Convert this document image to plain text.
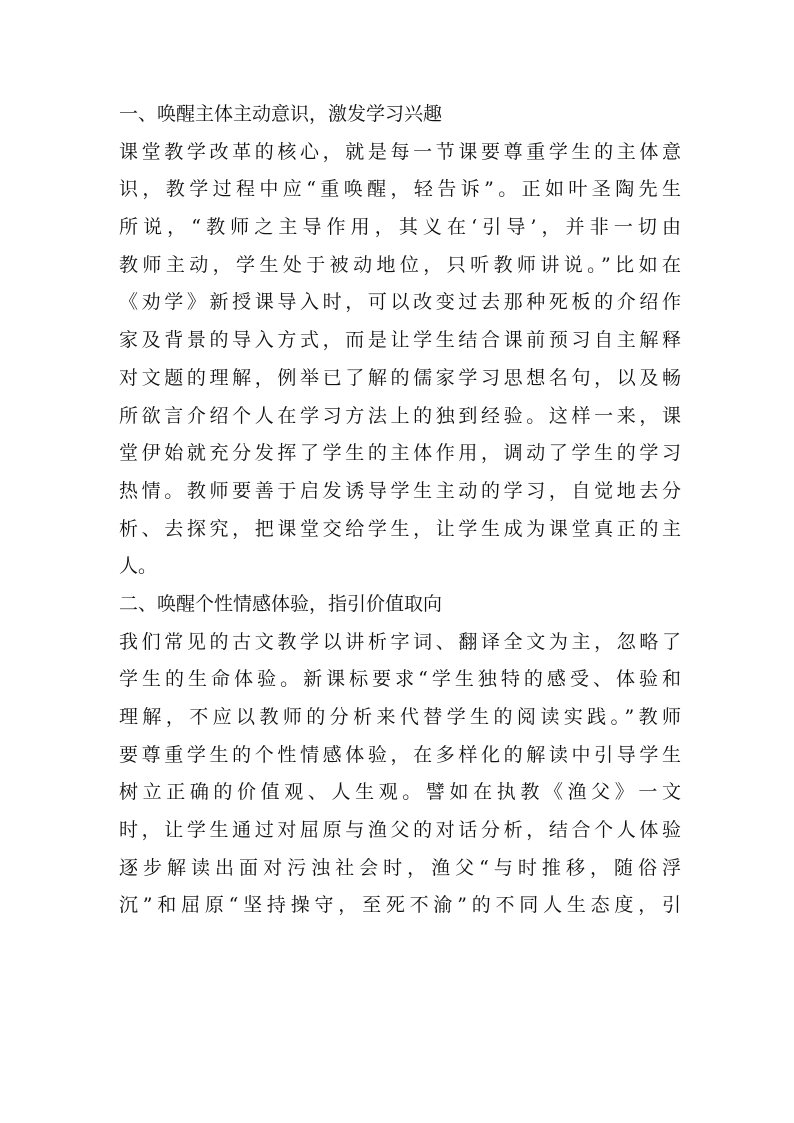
一、唤醒主体主动意识，激发学习兴趣
课堂教学改革的核心，就是每一节课要尊重学生的主体意
识，教学过程中应“重唤醒，轻告诉”。正如叶圣陶先生
所说，“教师之主导作用，其义在‘引导’，并非一切由
教师主动，学生处于被动地位，只听教师讲说。”比如在
《劝学》新授课导入时，可以改变过去那种死板的介绍作
家及背景的导入方式，而是让学生结合课前预习自主解释
对文题的理解，例举已了解的儒家学习思想名句，以及畅
所欲言介绍个人在学习方法上的独到经验。这样一来，课
堂伊始就充分发挥了学生的主体作用，调动了学生的学习
热情。教师要善于启发诱导学生主动的学习，自觉地去分
析、去探究，把课堂交给学生，让学生成为课堂真正的主
人。
二、唤醒个性情感体验，指引价值取向
我们常见的古文教学以讲析字词、翻译全文为主，忽略了
学生的生命体验。新课标要求“学生独特的感受、体验和
理解，不应以教师的分析来代替学生的阅读实践。”教师
要尊重学生的个性情感体验，在多样化的解读中引导学生
树立正确的价值观、人生观。譬如在执教《渔父》一文
时，让学生通过对屈原与渔父的对话分析，结合个人体验
逐步解读出面对污浊社会时，渔父“与时推移，随俗浮
沉”和屈原“坚持操守，至死不渝”的不同人生态度，引
